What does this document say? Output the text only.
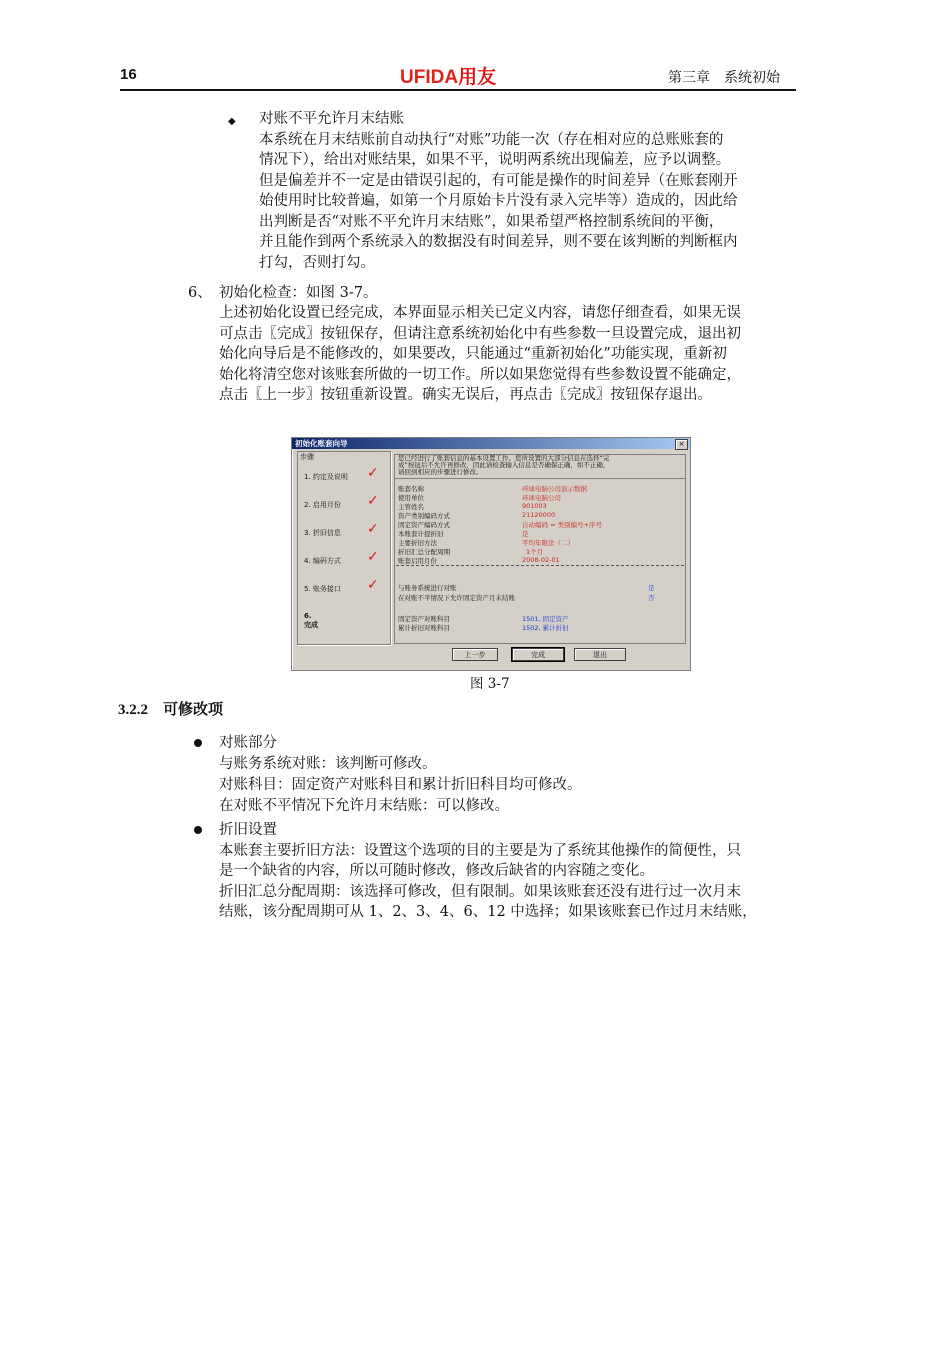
16	UFIDA用友	第三章　系统初始
◆ 对账不平允许月末结账
本系统在月末结账前自动执行“对账”功能一次（存在相对应的总账账套的
情况下），给出对账结果，如果不平，说明两系统出现偏差，应予以调整。
但是偏差并不一定是由错误引起的，有可能是操作的时间差异（在账套刚开
始使用时比较普遍，如第一个月原始卡片没有录入完毕等）造成的，因此给
出判断是否“对账不平允许月末结账”，如果希望严格控制系统间的平衡，
并且能作到两个系统录入的数据没有时间差异，则不要在该判断的判断框内
打勾，否则打勾。
6、 初始化检查：如图 3-7。
上述初始化设置已经完成，本界面显示相关已定义内容，请您仔细查看，如果无误
可点击〖完成〗按钮保存，但请注意系统初始化中有些参数一旦设置完成，退出初
始化向导后是不能修改的，如果要改，只能通过“重新初始化”功能实现，重新初
始化将清空您对该账套所做的一切工作。所以如果您觉得有些参数设置不能确定，
点击〖上一步〗按钮重新设置。确实无误后，再点击〖完成〗按钮保存退出。
初始化账套向导	×
步骤
1. 约定及说明 ✓
2. 启用月份 ✓
3. 折旧信息 ✓
4. 编码方式 ✓
5. 账务接口 ✓
6. 完成
您已经进行了账套信息的基本设置工作。您所设置的大部分信息在选择“完
成”按钮后不允许再修改，因此请检查输入信息是否确保正确，如不正确，
请回到相应的步骤进行修改。
账套名称	环球电脑公司演示数据
使用单位	环球电脑公司
主管姓名	901003
资产类别编码方式	21120000
固定资产编码方式	自动编码 = 类别编号+序号
本账套计提折旧	是
主要折旧方法	平均年限法（二）
折旧汇总分配周期	1个月
账套启用月份	2008-02-01
与账务系统进行对账	是
在对账不平情况下允许固定资产月末结账	否
固定资产对账科目	1501, 固定资产
累计折旧对账科目	1502, 累计折旧
上一步	完成	退出
图 3-7
3.2.2　可修改项
对账部分
与账务系统对账：该判断可修改。
对账科目：固定资产对账科目和累计折旧科目均可修改。
在对账不平情况下允许月末结账：可以修改。
折旧设置
本账套主要折旧方法：设置这个选项的目的主要是为了系统其他操作的简便性，只
是一个缺省的内容，所以可随时修改，修改后缺省的内容随之变化。
折旧汇总分配周期：该选择可修改，但有限制。如果该账套还没有进行过一次月末
结账，该分配周期可从 1、2、3、4、6、12 中选择；如果该账套已作过月末结账，
